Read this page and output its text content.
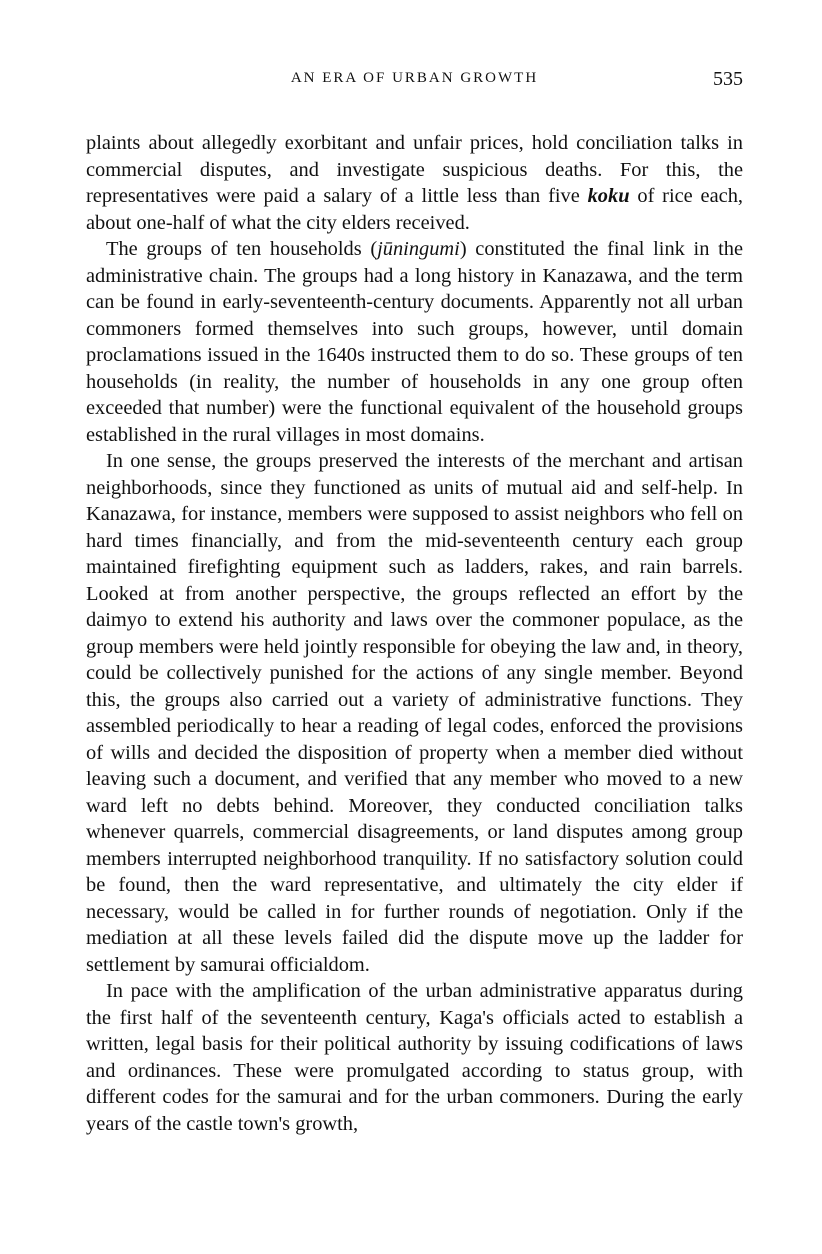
AN ERA OF URBAN GROWTH	535

plaints about allegedly exorbitant and unfair prices, hold conciliation talks in commercial disputes, and investigate suspicious deaths. For this, the representatives were paid a salary of a little less than five koku of rice each, about one-half of what the city elders received.

The groups of ten households (jūningumi) constituted the final link in the administrative chain. The groups had a long history in Kanazawa, and the term can be found in early-seventeenth-century documents. Apparently not all urban commoners formed themselves into such groups, however, until domain proclamations issued in the 1640s instructed them to do so. These groups of ten households (in reality, the number of households in any one group often exceeded that number) were the functional equivalent of the household groups established in the rural villages in most domains.

In one sense, the groups preserved the interests of the merchant and artisan neighborhoods, since they functioned as units of mutual aid and self-help. In Kanazawa, for instance, members were supposed to assist neighbors who fell on hard times financially, and from the mid-seventeenth century each group maintained firefighting equipment such as ladders, rakes, and rain barrels. Looked at from another perspective, the groups reflected an effort by the daimyo to extend his authority and laws over the commoner populace, as the group members were held jointly responsible for obeying the law and, in theory, could be collectively punished for the actions of any single member. Beyond this, the groups also carried out a variety of administrative functions. They assembled periodically to hear a reading of legal codes, enforced the provisions of wills and decided the disposition of property when a member died without leaving such a document, and verified that any member who moved to a new ward left no debts behind. Moreover, they conducted conciliation talks whenever quarrels, commercial disagreements, or land disputes among group members interrupted neighborhood tranquility. If no satisfactory solution could be found, then the ward representative, and ultimately the city elder if necessary, would be called in for further rounds of negotiation. Only if the mediation at all these levels failed did the dispute move up the ladder for settlement by samurai officialdom.

In pace with the amplification of the urban administrative apparatus during the first half of the seventeenth century, Kaga's officials acted to establish a written, legal basis for their political authority by issuing codifications of laws and ordinances. These were promulgated according to status group, with different codes for the samurai and for the urban commoners. During the early years of the castle town's growth,
